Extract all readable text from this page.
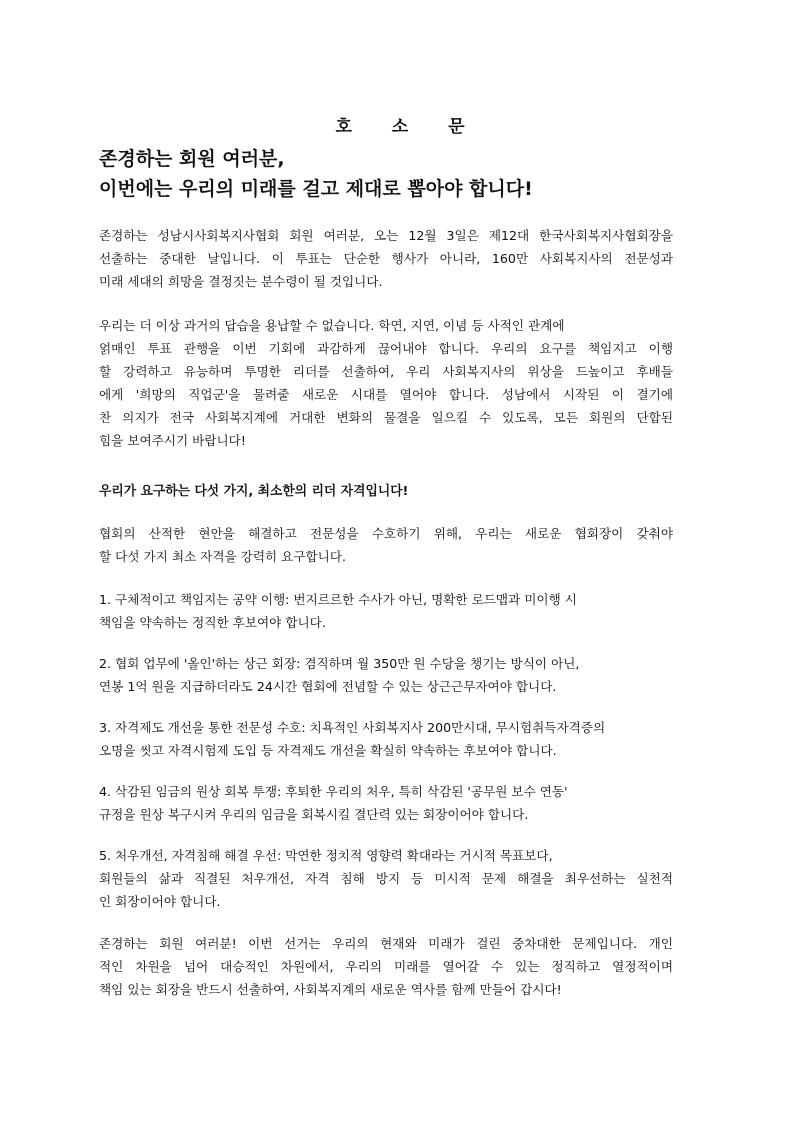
호 소 문
존경하는 회원 여러분,
이번에는 우리의 미래를 걸고 제대로 뽑아야 합니다!
존경하는 성남시사회복지사협회 회원 여러분, 오는 12월 3일은 제12대 한국사회복지사협회장을
선출하는 중대한 날입니다. 이 투표는 단순한 행사가 아니라, 160만 사회복지사의 전문성과
미래 세대의 희망을 결정짓는 분수령이 될 것입니다.
우리는 더 이상 과거의 답습을 용납할 수 없습니다. 학연, 지연, 이념 등 사적인 관계에
얽매인 투표 관행을 이번 기회에 과감하게 끊어내야 합니다. 우리의 요구를 책임지고 이행
할 강력하고 유능하며 투명한 리더를 선출하여, 우리 사회복지사의 위상을 드높이고 후배들
에게 '희망의 직업군'을 물려줄 새로운 시대를 열어야 합니다. 성남에서 시작된 이 결기에
찬 의지가 전국 사회복지계에 거대한 변화의 물결을 일으킬 수 있도록, 모든 회원의 단합된
힘을 보여주시기 바랍니다!
우리가 요구하는 다섯 가지, 최소한의 리더 자격입니다!
협회의 산적한 현안을 해결하고 전문성을 수호하기 위해, 우리는 새로운 협회장이 갖춰야
할 다섯 가지 최소 자격을 강력히 요구합니다.
1. 구체적이고 책임지는 공약 이행: 번지르르한 수사가 아닌, 명확한 로드맵과 미이행 시
책임을 약속하는 정직한 후보여야 합니다.
2. 협회 업무에 '올인'하는 상근 회장: 겸직하며 월 350만 원 수당을 챙기는 방식이 아닌,
연봉 1억 원을 지급하더라도 24시간 협회에 전념할 수 있는 상근근무자여야 합니다.
3. 자격제도 개선을 통한 전문성 수호: 치욕적인 사회복지사 200만시대, 무시험취득자격증의
오명을 씻고 자격시험제 도입 등 자격제도 개선을 확실히 약속하는 후보여야 합니다.
4. 삭감된 임금의 원상 회복 투쟁: 후퇴한 우리의 처우, 특히 삭감된 '공무원 보수 연동'
규정을 원상 복구시켜 우리의 임금을 회복시킬 결단력 있는 회장이어야 합니다.
5. 처우개선, 자격침해 해결 우선: 막연한 정치적 영향력 확대라는 거시적 목표보다,
회원들의 삶과 직결된 처우개선, 자격 침해 방지 등 미시적 문제 해결을 최우선하는 실천적
인 회장이어야 합니다.
존경하는 회원 여러분! 이번 선거는 우리의 현재와 미래가 걸린 중차대한 문제입니다. 개인
적인 차원을 넘어 대승적인 차원에서, 우리의 미래를 열어갈 수 있는 정직하고 열정적이며
책임 있는 회장을 반드시 선출하여, 사회복지계의 새로운 역사를 함께 만들어 갑시다!
